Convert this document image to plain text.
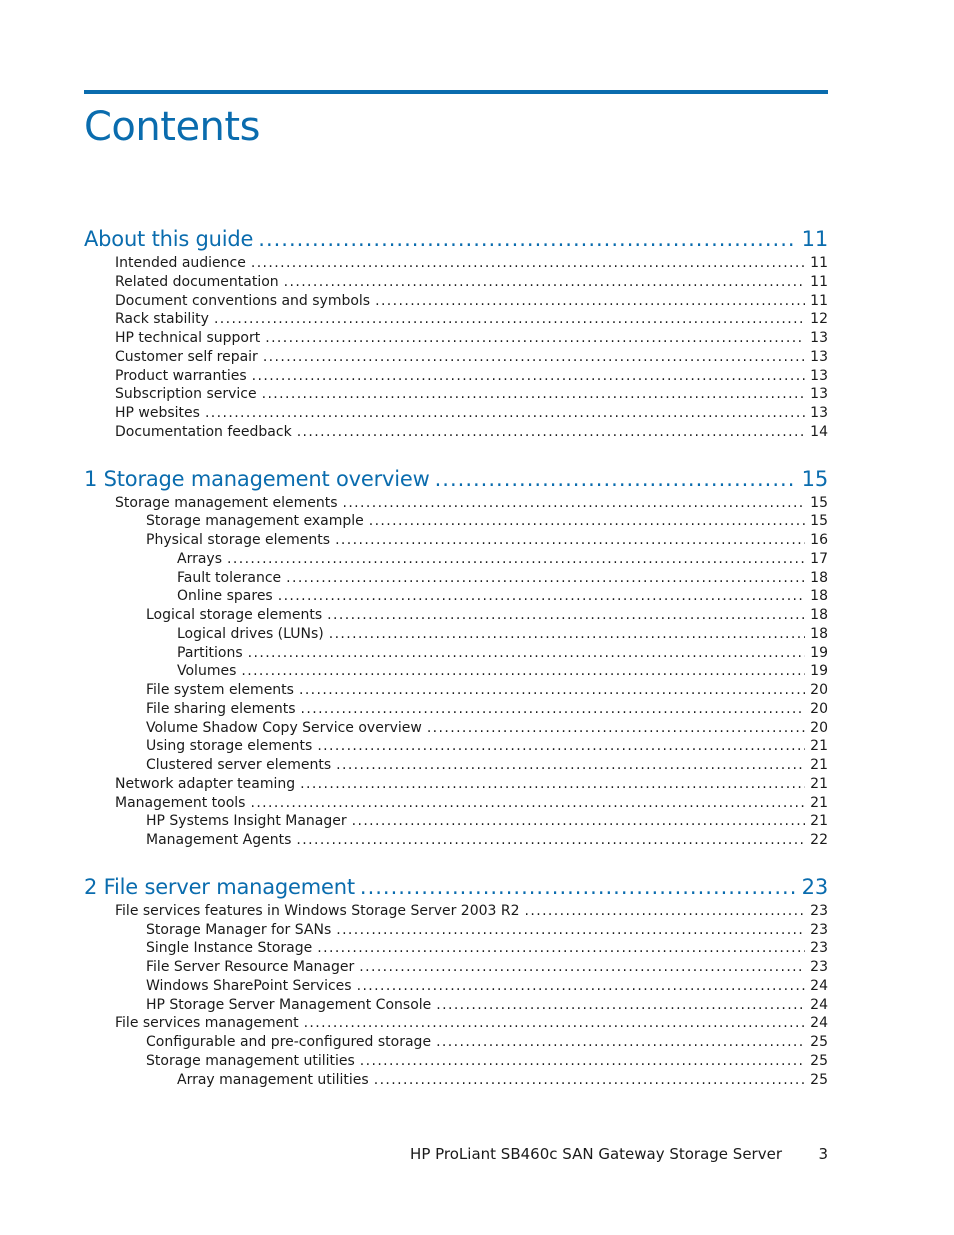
Contents
About this guide .....	11
Intended audience .....	11
Related documentation .....	11
Document conventions and symbols .....	11
Rack stability .....	12
HP technical support .....	13
Customer self repair .....	13
Product warranties .....	13
Subscription service .....	13
HP websites .....	13
Documentation feedback .....	14
1 Storage management overview .....	15
Storage management elements .....	15
Storage management example .....	15
Physical storage elements .....	16
Arrays .....	17
Fault tolerance .....	18
Online spares .....	18
Logical storage elements .....	18
Logical drives (LUNs) .....	18
Partitions .....	19
Volumes .....	19
File system elements .....	20
File sharing elements .....	20
Volume Shadow Copy Service overview .....	20
Using storage elements .....	21
Clustered server elements .....	21
Network adapter teaming .....	21
Management tools .....	21
HP Systems Insight Manager .....	21
Management Agents .....	22
2 File server management .....	23
File services features in Windows Storage Server 2003 R2 .....	23
Storage Manager for SANs .....	23
Single Instance Storage .....	23
File Server Resource Manager .....	23
Windows SharePoint Services .....	24
HP Storage Server Management Console .....	24
File services management .....	24
Configurable and pre-configured storage .....	25
Storage management utilities .....	25
Array management utilities .....	25
HP ProLiant SB460c SAN Gateway Storage Server 3
